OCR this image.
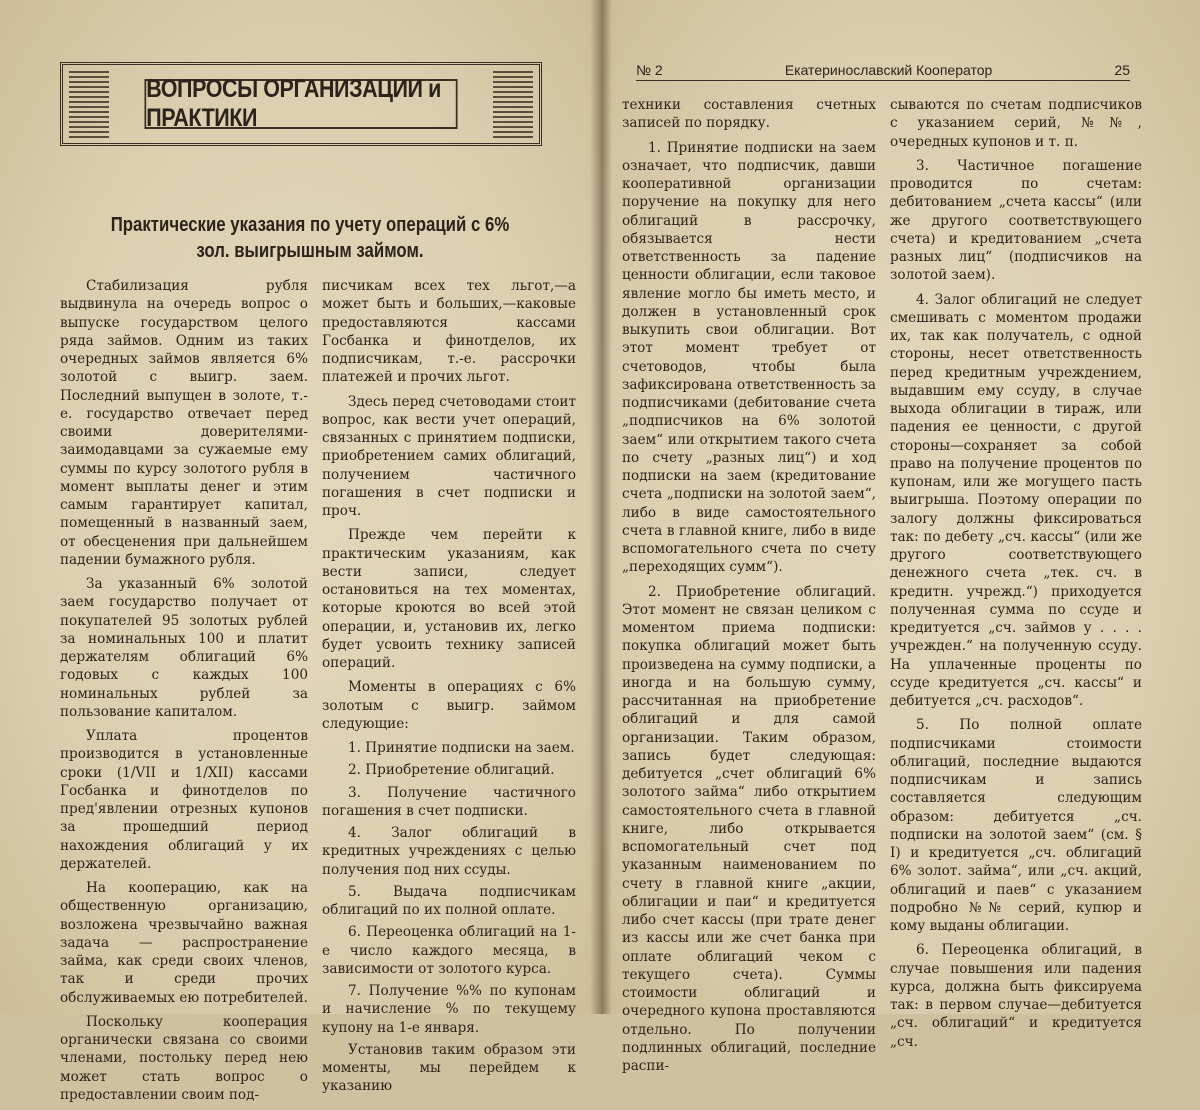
ВОПРОСЫ ОРГАНИЗАЦИИ и ПРАКТИКИ
Практические указания по учету операций с 6% зол. выигрышным займом.

Стабилизация рубля выдвинула на очередь вопрос о выпуске государством целого ряда займов. Одним из таких очередных займов является 6% золотой с выигр. заем. Последний выпущен в золоте, т.-е. государство отвечает перед своими доверителями-заимодавцами за сужаемые ему суммы по курсу золотого рубля в момент выплаты денег и этим самым гарантирует капитал, помещенный в названный заем, от обесценения при дальнейшем падении бумажного рубля.

За указанный 6% золотой заем государство получает от покупателей 95 золотых рублей за номинальных 100 и платит держателям облигаций 6% годовых с каждых 100 номинальных рублей за пользование капиталом.

Уплата процентов производится в установленные сроки (1/VII и 1/XII) кассами Госбанка и финотделов по пред'явлении отрезных купонов за прошедший период нахождения облигаций у их держателей.

На кооперацию, как на общественную организацию, возложена чрезвычайно важная задача — распространение займа, как среди своих членов, так и среди прочих обслуживаемых ею потребителей.

Поскольку кооперация органически связана со своими членами, постольку перед нею может стать вопрос о предоставлении своим под-

писчикам всех тех льгот,—а может быть и больших,—каковые предоставляются кассами Госбанка и финотделов, их подписчикам, т.-е. рассрочки платежей и прочих льгот.

Здесь перед счетоводами стоит вопрос, как вести учет операций, связанных с принятием подписки, приобретением самих облигаций, получением частичного погашения в счет подписки и проч.

Прежде чем перейти к практическим указаниям, как вести записи, следует остановиться на тех моментах, которые кроются во всей этой операции, и, установив их, легко будет усвоить технику записей операций.

Моменты в операциях с 6% золотым с выигр. займом следующие:

1. Принятие подписки на заем.
2. Приобретение облигаций.
3. Получение частичного погашения в счет подписки.
4. Залог облигаций в кредитных учреждениях с целью получения под них ссуды.
5. Выдача подписчикам облигаций по их полной оплате.
6. Переоценка облигаций на 1-е число каждого месяца, в зависимости от золотого курса.
7. Получение %% по купонам и начисление % по текущему купону на 1-е января.

Установив таким образом эти моменты, мы перейдем к указанию

№ 2	Екатеринославский Кооператор	25

техники составления счетных записей по порядку.

1. Принятие подписки на заем означает, что подписчик, давши кооперативной организации поручение на покупку для него облигаций в рассрочку, обязывается нести ответственность за падение ценности облигации, если таковое явление могло бы иметь место, и должен в установленный срок выкупить свои облигации. Вот этот момент требует от счетоводов, чтобы была зафиксирована ответственность за подписчиками (дебитование счета „подписчиков на 6% золотой заем“ или открытием такого счета по счету „разных лиц“) и ход подписки на заем (кредитование счета „подписки на золотой заем“, либо в виде самостоятельного счета в главной книге, либо в виде вспомогательного счета по счету „переходящих сумм“).

2. Приобретение облигаций. Этот момент не связан целиком с моментом приема подписки: покупка облигаций может быть произведена на сумму подписки, а иногда и на большую сумму, рассчитанная на приобретение облигаций и для самой организации. Таким образом, запись будет следующая: дебитуется „счет облигаций 6% золотого займа“ либо открытием самостоятельного счета в главной книге, либо открывается вспомогательный счет под указанным наименованием по счету в главной книге „акции, облигации и паи“ и кредитуется либо счет кассы (при трате денег из кассы или же счет банка при оплате облигаций чеком с текущего счета). Суммы стоимости облигаций и очередного купона проставляются отдельно. По получении подлинных облигаций, последние распи-

сываются по счетам подписчиков с указанием серий, №№, очередных купонов и т. п.

3. Частичное погашение проводится по счетам: дебитованием „счета кассы“ (или же другого соответствующего счета) и кредитованием „счета разных лиц“ (подписчиков на золотой заем).

4. Залог облигаций не следует смешивать с моментом продажи их, так как получатель, с одной стороны, несет ответственность перед кредитным учреждением, выдавшим ему ссуду, в случае выхода облигации в тираж, или падения ее ценности, с другой стороны—сохраняет за собой право на получение процентов по купонам, или же могущего пасть выигрыша. Поэтому операции по залогу должны фиксироваться так: по дебету „сч. кассы“ (или же другого соответствующего денежного счета „тек. сч. в кредитн. учрежд.“) приходуется полученная сумма по ссуде и кредитуется „сч. займов у . . . . учрежден.“ на полученную ссуду. На уплаченные проценты по ссуде кредитуется „сч. кассы“ и дебитуется „сч. расходов“.

5. По полной оплате подписчиками стоимости облигаций, последние выдаются подписчикам и запись составляется следующим образом: дебитуется „сч. подписки на золотой заем“ (см. § I) и кредитуется „сч. облигаций 6% золот. займа“, или „сч. акций, облигаций и паев“ с указанием подробно №№ серий, купюр и кому выданы облигации.

6. Переоценка облигаций, в случае повышения или падения курса, должна быть фиксируема так: в первом случае—дебитуется „сч. облигаций“ и кредитуется „сч.
